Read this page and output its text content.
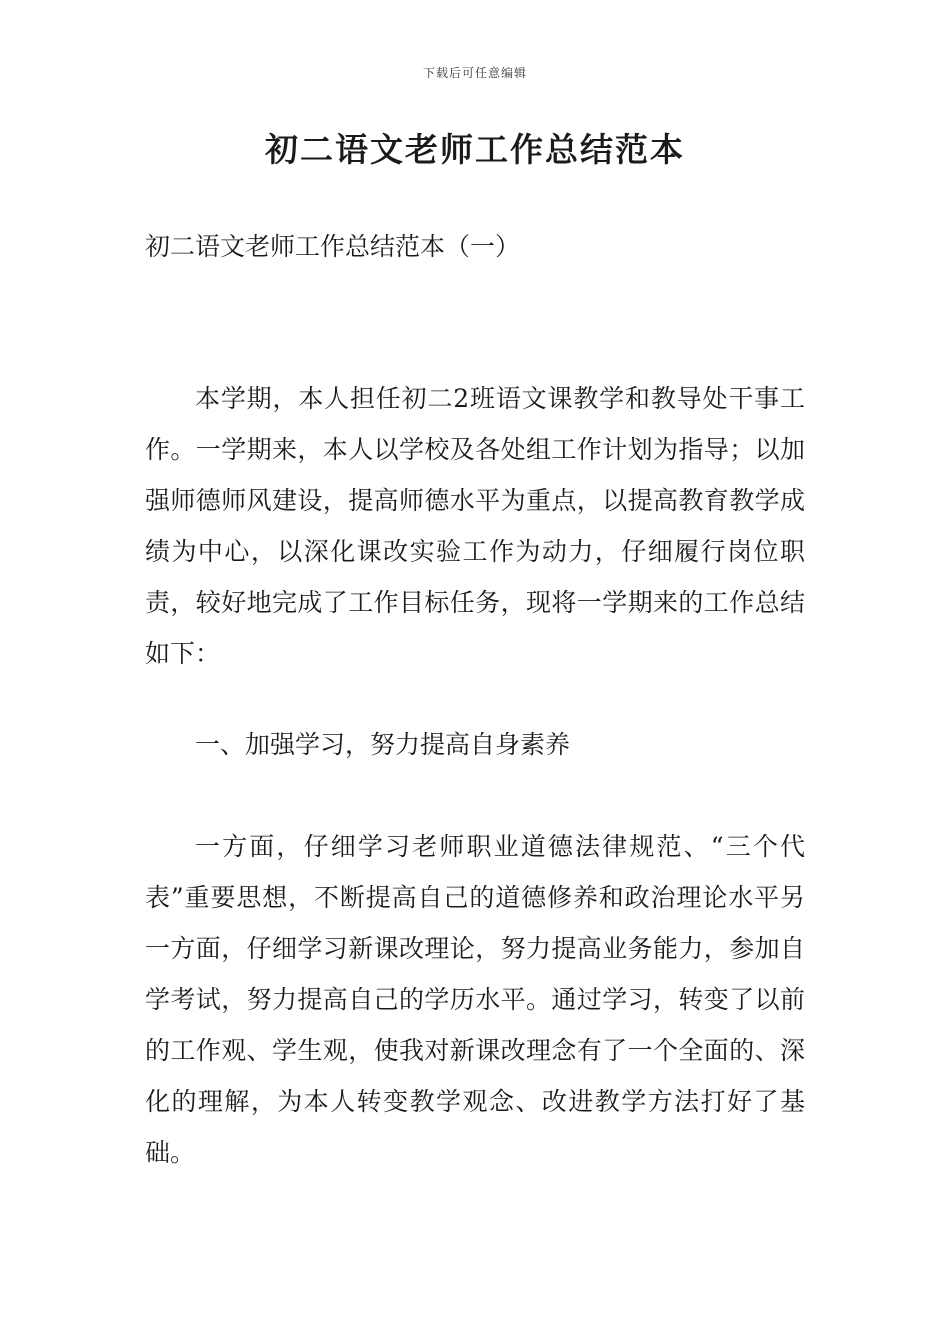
下载后可任意编辑
初二语文老师工作总结范本

初二语文老师工作总结范本（一）

本学期，本人担任初二2班语文课教学和教导处干事工作。一学期来，本人以学校及各处组工作计划为指导；以加强师德师风建设，提高师德水平为重点，以提高教育教学成绩为中心，以深化课改实验工作为动力，仔细履行岗位职责，较好地完成了工作目标任务，现将一学期来的工作总结如下：

一、加强学习，努力提高自身素养

一方面，仔细学习老师职业道德法律规范、“三个代表”重要思想，不断提高自己的道德修养和政治理论水平另一方面，仔细学习新课改理论，努力提高业务能力，参加自学考试，努力提高自己的学历水平。通过学习，转变了以前的工作观、学生观，使我对新课改理念有了一个全面的、深化的理解，为本人转变教学观念、改进教学方法打好了基础。
